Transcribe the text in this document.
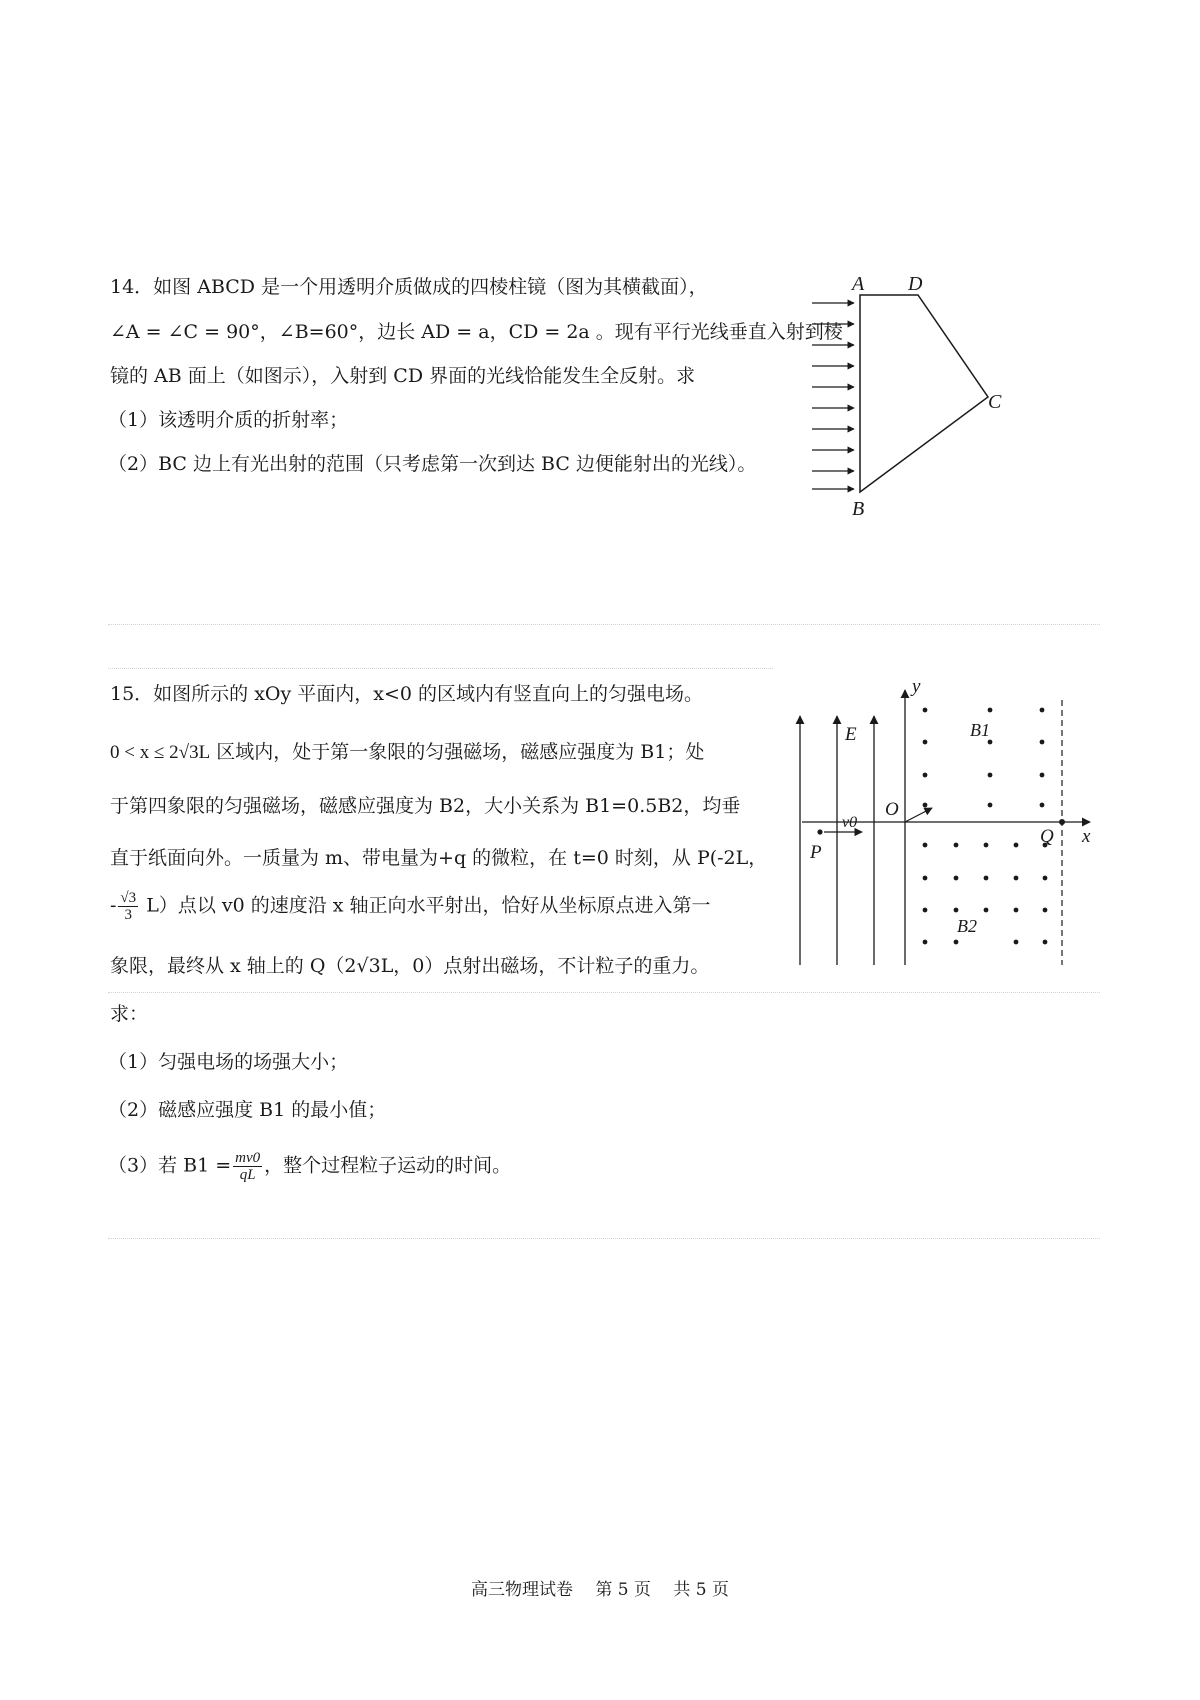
14．如图 ABCD 是一个用透明介质做成的四棱柱镜（图为其横截面），
∠A = ∠C = 90°，∠B=60°，边长 AD = a，CD = 2a 。现有平行光线垂直入射到棱
镜的 AB 面上（如图示），入射到 CD 界面的光线恰能发生全反射。求
（1）该透明介质的折射率；
（2）BC 边上有光出射的范围（只考虑第一次到达 BC 边便能射出的光线）。
A D
C
B
15．如图所示的 xOy 平面内，x<0 的区域内有竖直向上的匀强电场。
0 < x ≤ 2√3L 区域内，处于第一象限的匀强磁场，磁感应强度为 B1；处
于第四象限的匀强磁场，磁感应强度为 B2，大小关系为 B1=0.5B2，均垂
直于纸面向外。一质量为 m、带电量为+q 的微粒，在 t=0 时刻，从 P(-2L，
- $\frac{√3}{3} L$）点以 v0 的速度沿 x 轴正向水平射出，恰好从坐标原点进入第一
象限，最终从 x 轴上的 Q（2√3L，0）点射出磁场，不计粒子的重力。
求：
（1）匀强电场的场强大小；
（2）磁感应强度 B1 的最小值；
（3）若 $B1 = \frac{mv0}{qL}$ ，整个过程粒子运动的时间。
y
x
O
E	B1
B2
P
Q
v0
高三物理试卷　 第 5 页　 共 5 页
